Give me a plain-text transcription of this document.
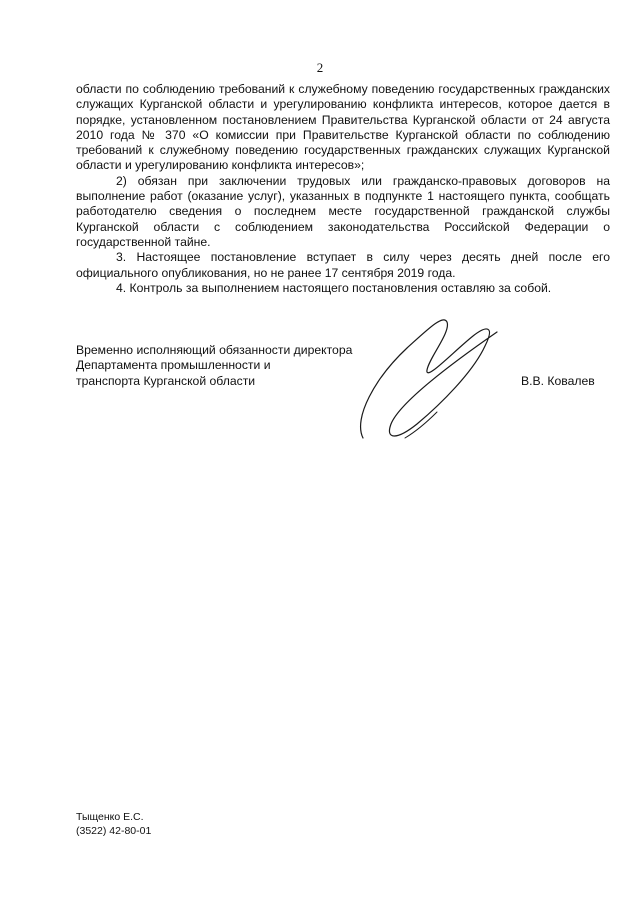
2

области по соблюдению требований к служебному поведению государственных гражданских служащих Курганской области и урегулированию конфликта интересов, которое дается в порядке, установленном постановлением Правительства Курганской области от 24 августа 2010 года № 370 «О комиссии при Правительстве Курганской области по соблюдению требований к служебному поведению государственных гражданских служащих Курганской области и урегулированию конфликта интересов»;

2) обязан при заключении трудовых или гражданско-правовых договоров на выполнение работ (оказание услуг), указанных в подпункте 1 настоящего пункта, сообщать работодателю сведения о последнем месте государственной гражданской службы Курганской области с соблюдением законодательства Российской Федерации о государственной тайне.

3. Настоящее постановление вступает в силу через десять дней после его официального опубликования, но не ранее 17 сентября 2019 года.

4. Контроль за выполнением настоящего постановления оставляю за собой.

Временно исполняющий обязанности директора
Департамента промышленности и
транспорта Курганской области	В.В. Ковалев
Тыщенко Е.С.
(3522) 42-80-01
